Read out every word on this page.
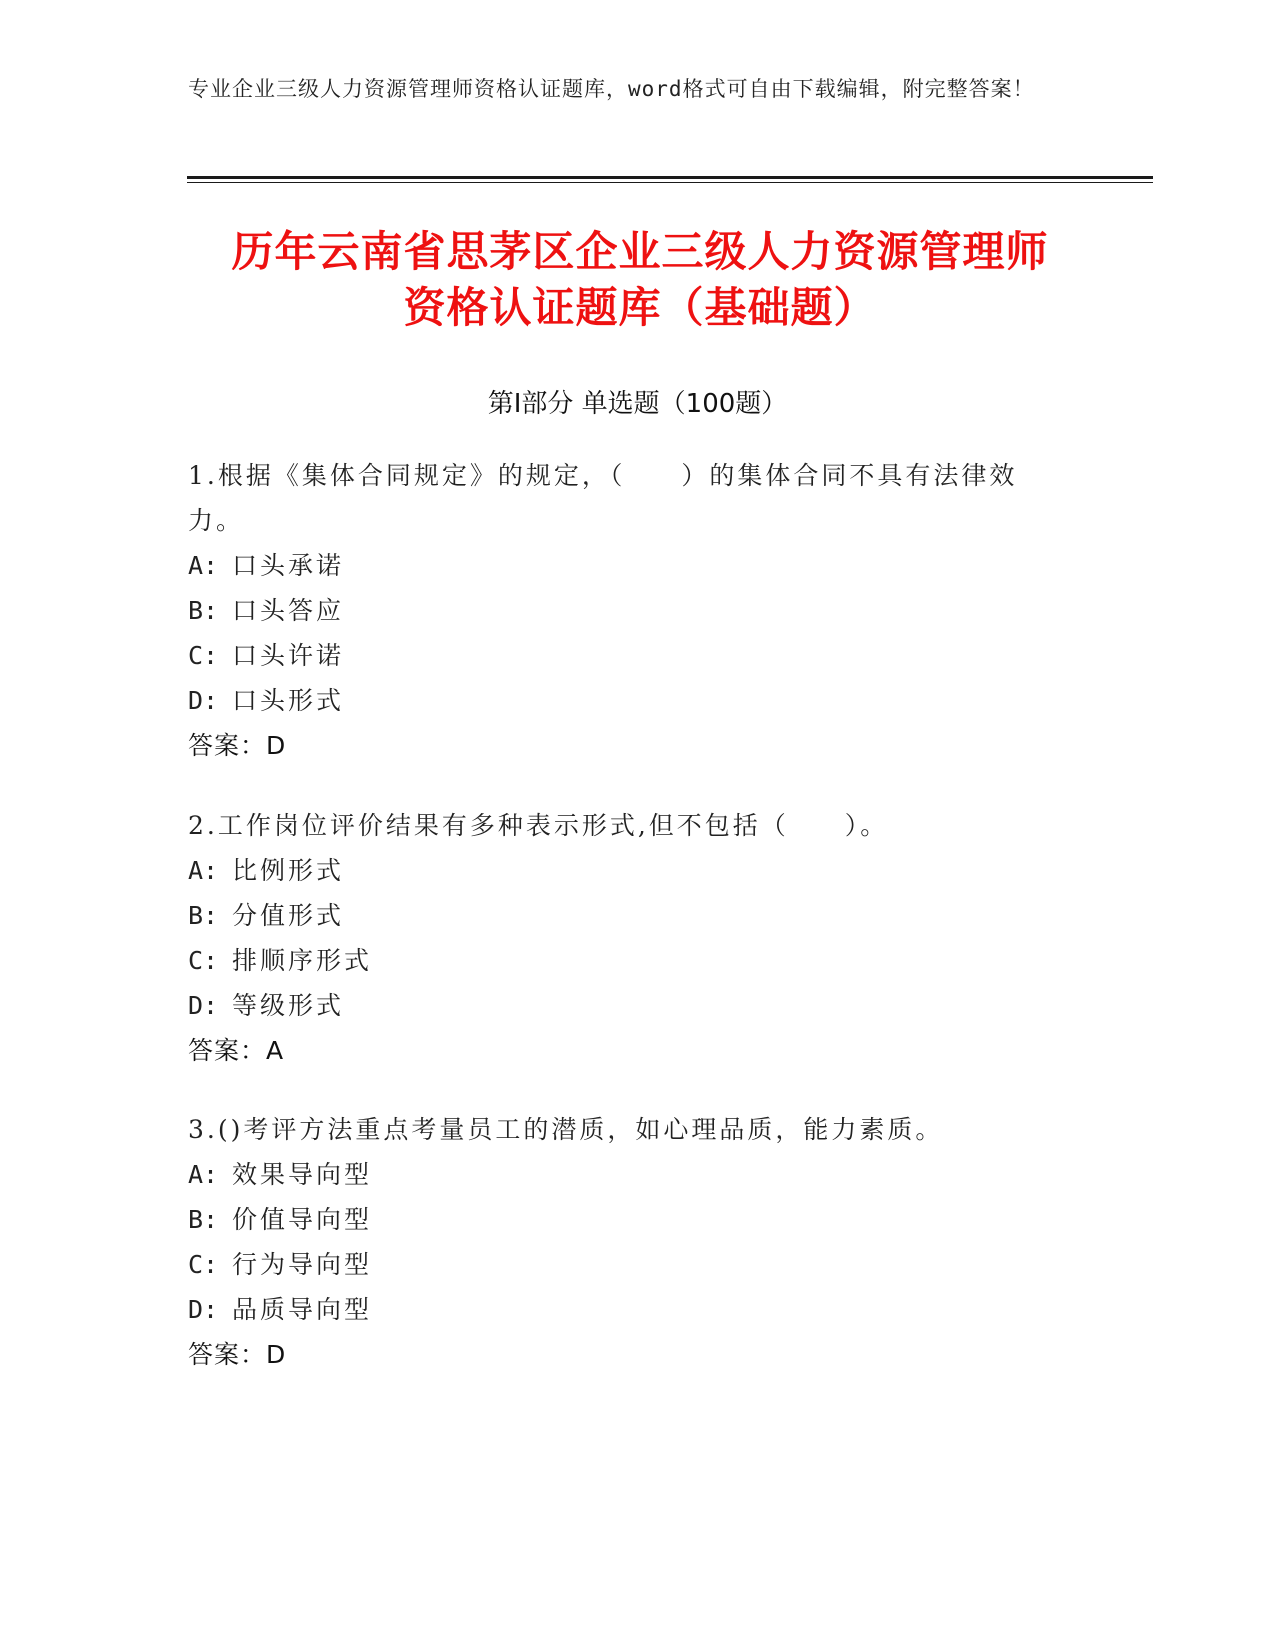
专业企业三级人力资源管理师资格认证题库，word格式可自由下载编辑，附完整答案！
历年云南省思茅区企业三级人力资源管理师
资格认证题库（基础题）
第Ⅰ部分 单选题（100题）
1.根据《集体合同规定》的规定，（　　）的集体合同不具有法律效力。
A: 口头承诺
B: 口头答应
C: 口头许诺
D: 口头形式
答案：D
2.工作岗位评价结果有多种表示形式,但不包括（　　）。
A: 比例形式
B: 分值形式
C: 排顺序形式
D: 等级形式
答案：A
3.()考评方法重点考量员工的潜质，如心理品质，能力素质。
A: 效果导向型
B: 价值导向型
C: 行为导向型
D: 品质导向型
答案：D
